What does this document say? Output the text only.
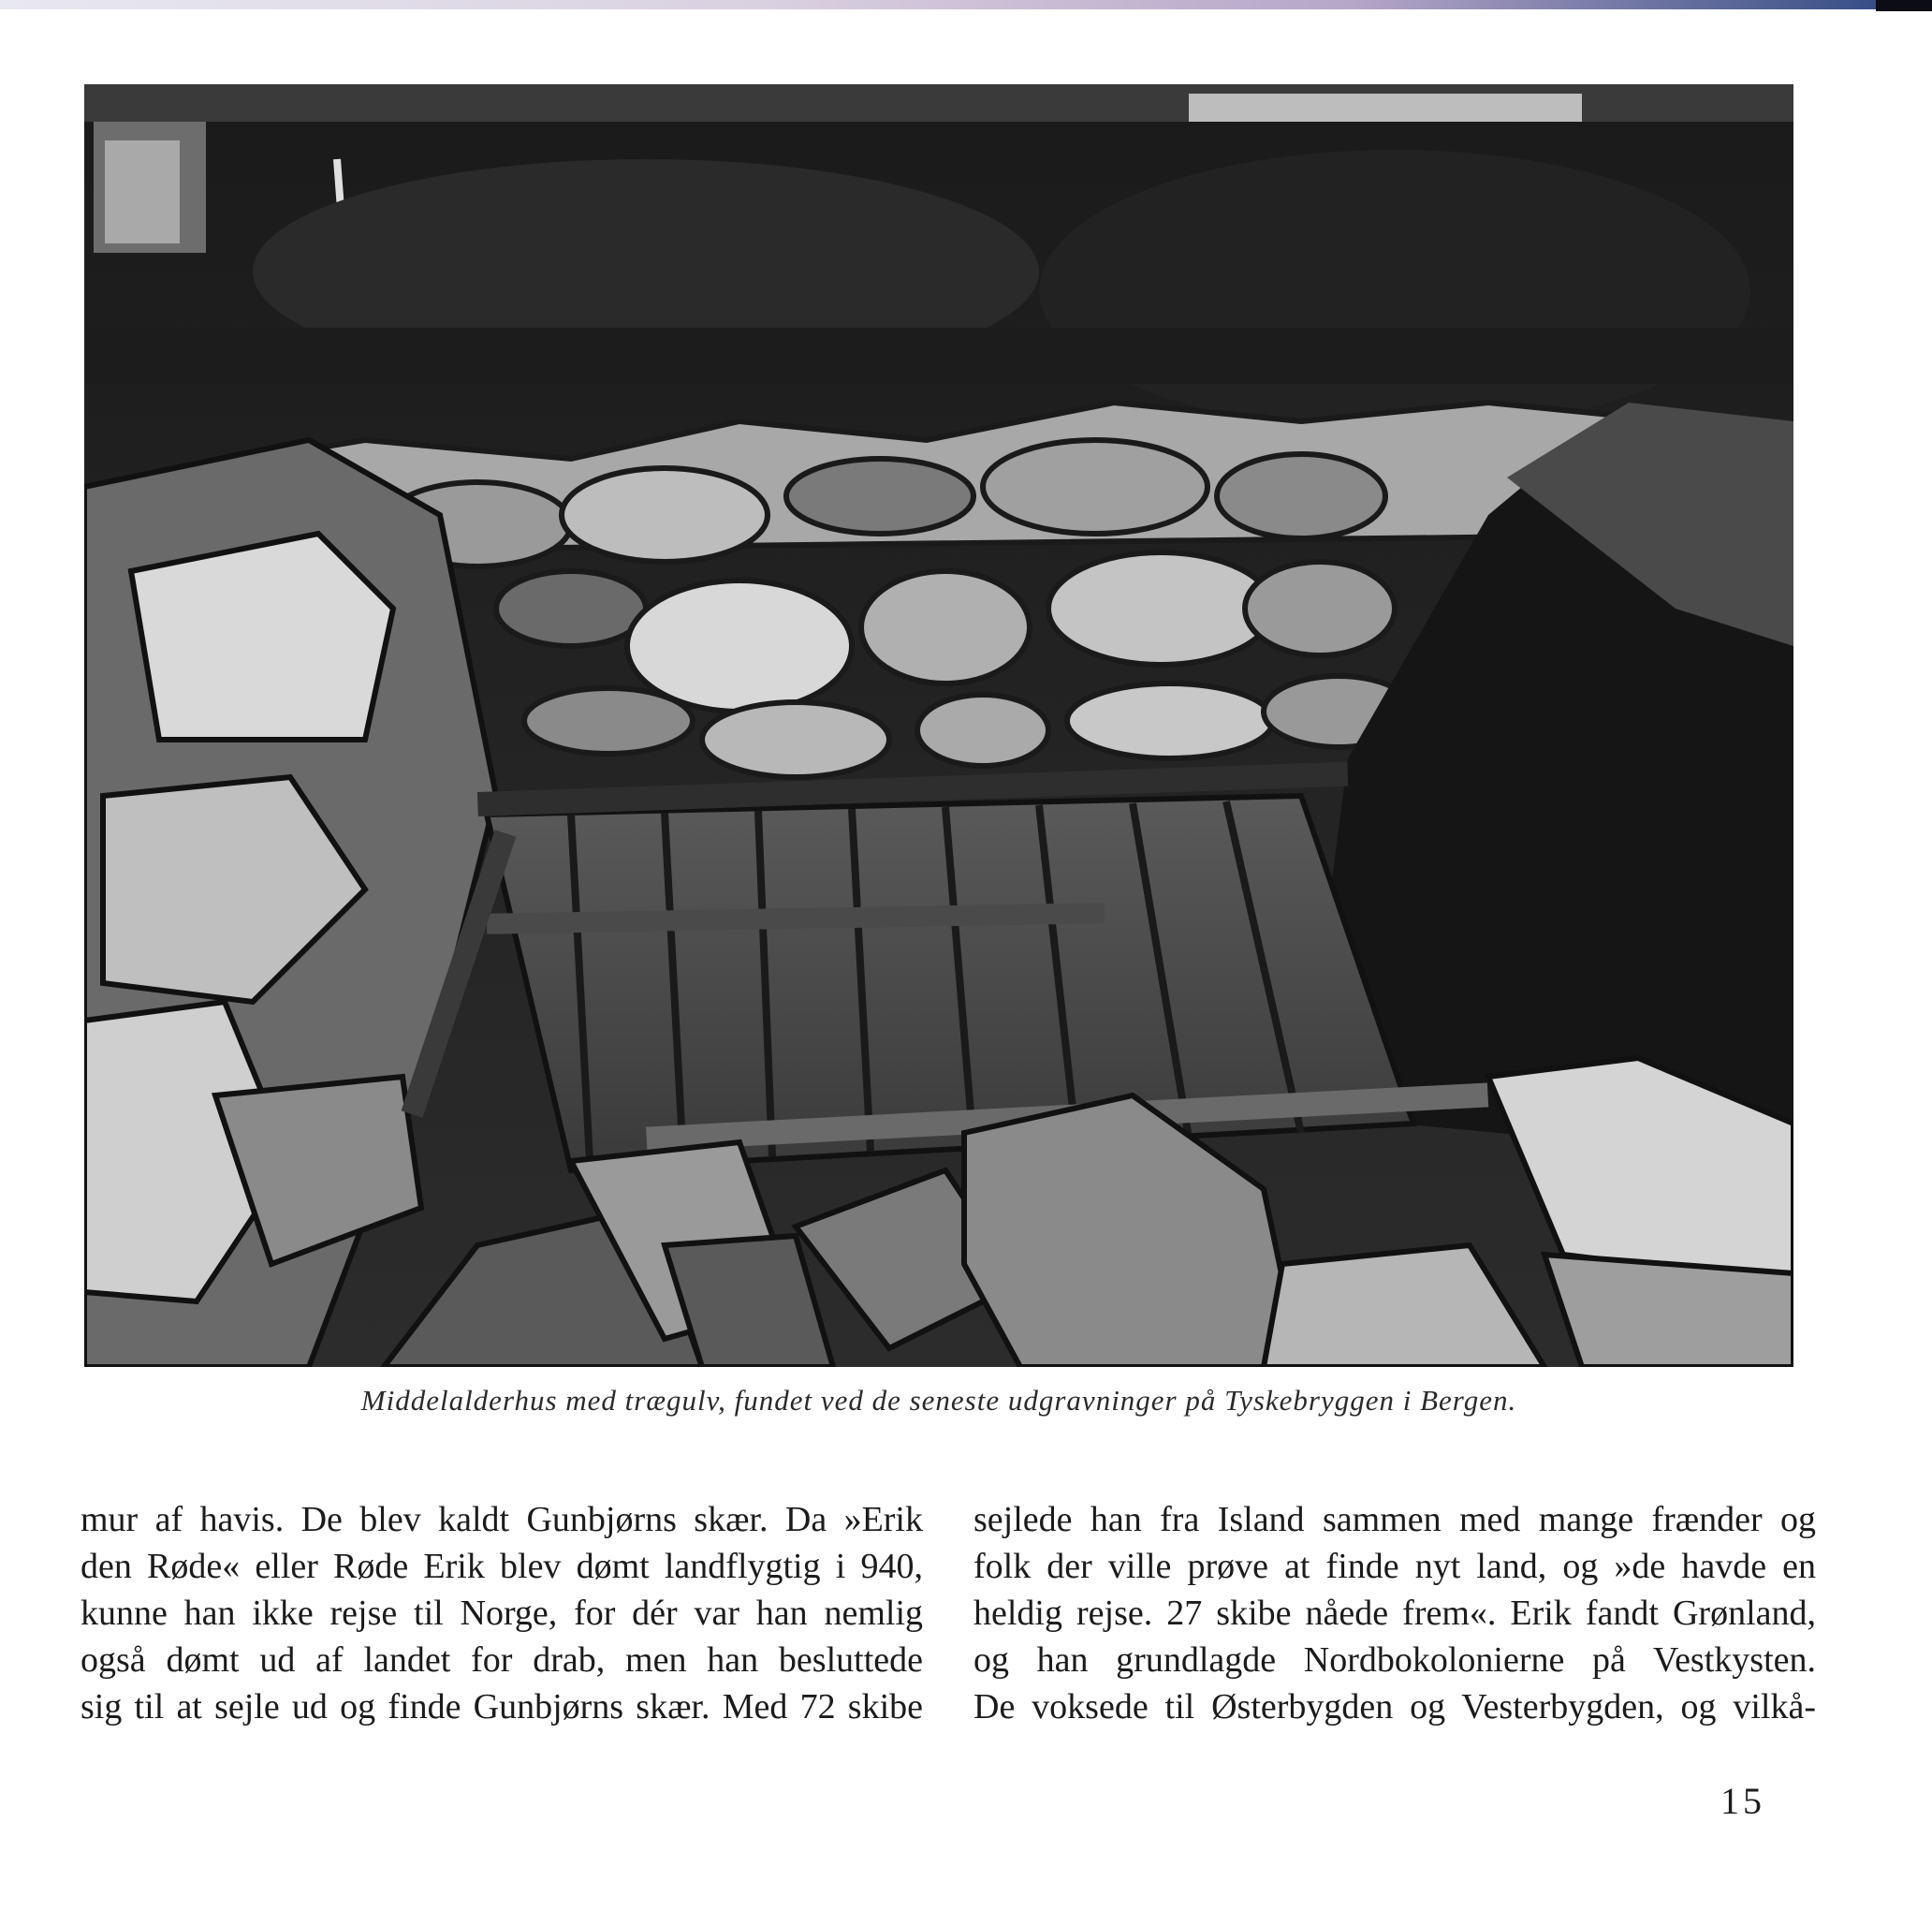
Middelalderhus med trægulv, fundet ved de seneste udgravninger på Tyskebryggen i Bergen.
mur af havis. De blev kaldt Gunbjørns skær. Da »Erik
den Røde« eller Røde Erik blev dømt landflygtig i 940,
kunne han ikke rejse til Norge, for dér var han nemlig
også dømt ud af landet for drab, men han besluttede
sig til at sejle ud og finde Gunbjørns skær. Med 72 skibe
sejlede han fra Island sammen med mange frænder og
folk der ville prøve at finde nyt land, og »de havde en
heldig rejse. 27 skibe nåede frem«. Erik fandt Grønland,
og han grundlagde Nordbokolonierne på Vestkysten.
De voksede til Østerbygden og Vesterbygden, og vilkå-
15
